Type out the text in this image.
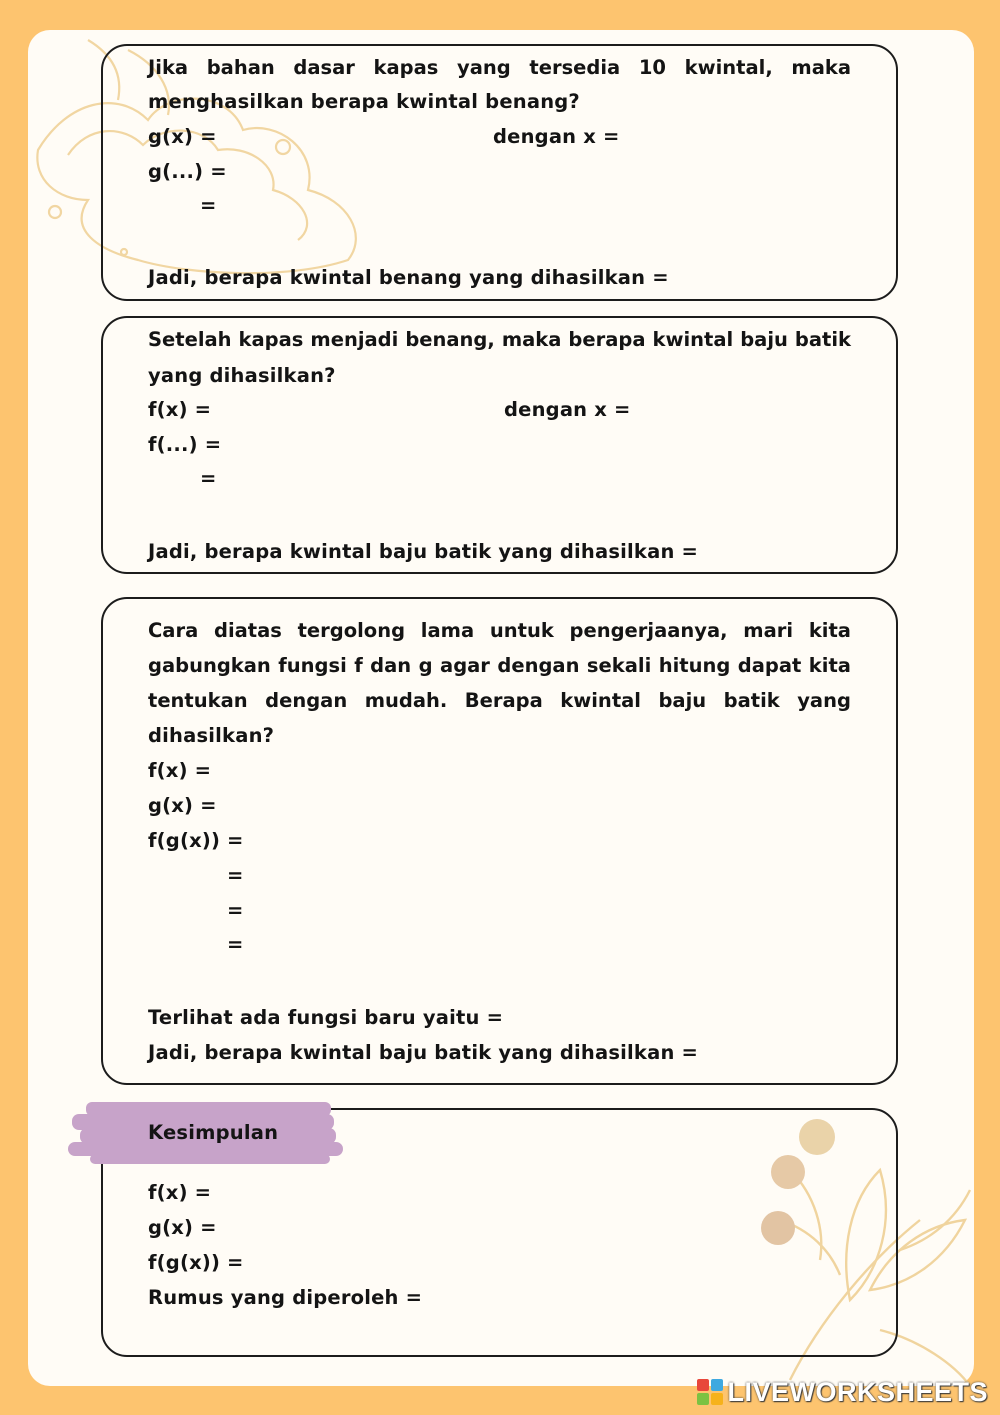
Jika bahan dasar kapas yang tersedia 10 kwintal, maka
menghasilkan berapa kwintal benang?
g(x) =	dengan x =
g(...) =
=
Jadi, berapa kwintal benang yang dihasilkan =
Setelah kapas menjadi benang, maka berapa kwintal baju batik
yang dihasilkan?
f(x) =	dengan x =
f(...) =
=
Jadi, berapa kwintal baju batik yang dihasilkan =
Cara diatas tergolong lama untuk pengerjaanya, mari kita
gabungkan fungsi f dan g agar dengan sekali hitung dapat kita
tentukan dengan mudah. Berapa kwintal baju batik yang
dihasilkan?
f(x) =
g(x) =
f(g(x)) =
=
=
=
Terlihat ada fungsi baru yaitu =
Jadi, berapa kwintal baju batik yang dihasilkan =
Kesimpulan
f(x) =
g(x) =
f(g(x)) =
Rumus yang diperoleh =
LIVEWORKSHEETS
